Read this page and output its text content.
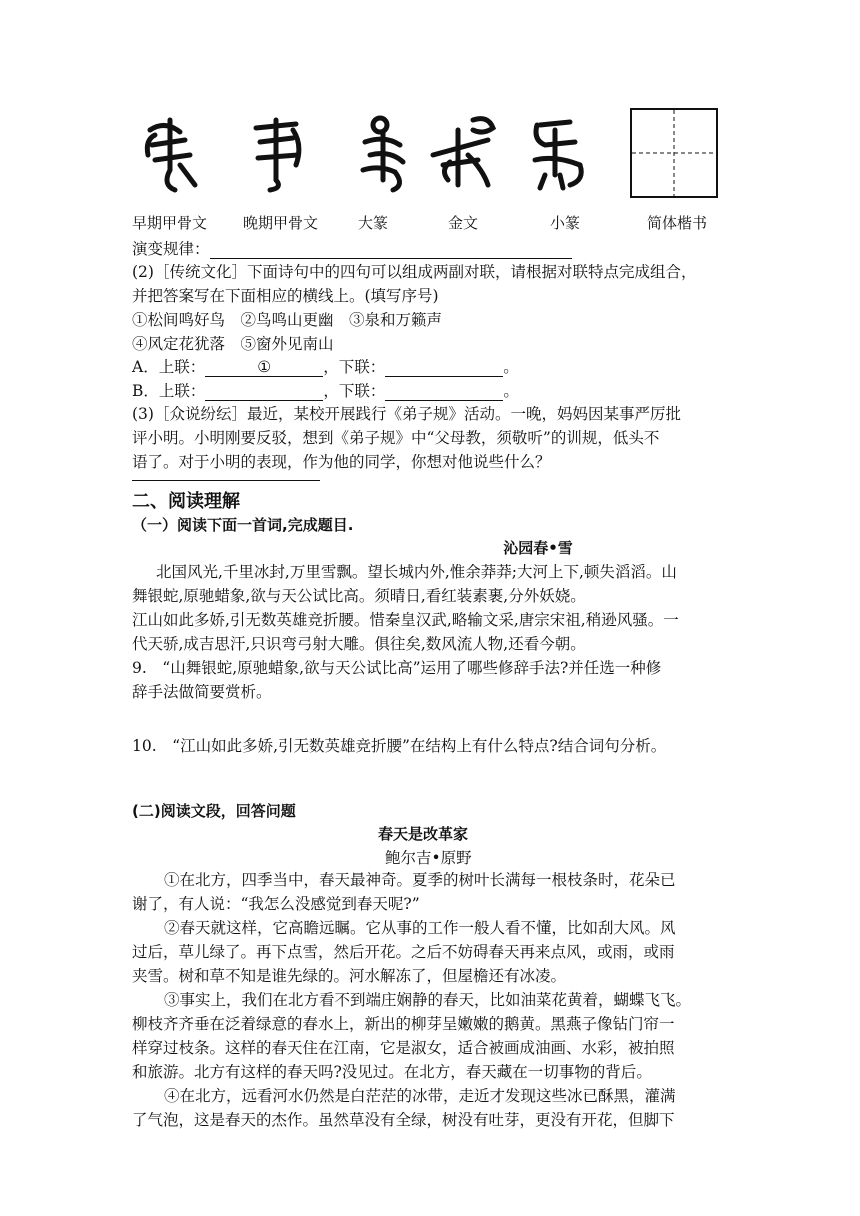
早期甲骨文 晚期甲骨文	大篆	金文	小篆	简体楷书
演变规律：
(2)［传统文化］下面诗句中的四句可以组成两副对联，请根据对联特点完成组合，
并把答案写在下面相应的横线上。(填写序号)
①松间鸣好鸟　②鸟鸣山更幽　③泉和万籁声
④风定花犹落　⑤窗外见南山
A．上联：	①	，下联：	。
B．上联：	，下联：	。
(3)［众说纷纭］最近，某校开展践行《弟子规》活动。一晚，妈妈因某事严厉批
评小明。小明刚要反驳，想到《弟子规》中“父母教，须敬听”的训规，低头不
语了。对于小明的表现，作为他的同学，你想对他说些什么？
二、阅读理解
（一）阅读下面一首词,完成题目.
沁园春•雪
北国风光,千里冰封,万里雪飘。望长城内外,惟余莽莽;大河上下,顿失滔滔。山
舞银蛇,原驰蜡象,欲与天公试比高。须晴日,看红装素裹,分外妖娆。
江山如此多娇,引无数英雄竞折腰。惜秦皇汉武,略输文采,唐宗宋祖,稍逊风骚。一
代天骄,成吉思汗,只识弯弓射大雕。俱往矣,数风流人物,还看今朝。
9.　“山舞银蛇,原驰蜡象,欲与天公试比高”运用了哪些修辞手法?并任选一种修
辞手法做简要赏析。
10.　“江山如此多娇,引无数英雄竞折腰”在结构上有什么特点?结合词句分析。
(二)阅读文段，回答问题
春天是改革家
鲍尔吉•原野
①在北方，四季当中，春天最神奇。夏季的树叶长满每一根枝条时，花朵已
谢了，有人说：“我怎么没感觉到春天呢?”
②春天就这样，它高瞻远瞩。它从事的工作一般人看不懂，比如刮大风。风
过后，草儿绿了。再下点雪，然后开花。之后不妨碍春天再来点风，或雨，或雨
夹雪。树和草不知是谁先绿的。河水解冻了，但屋檐还有冰凌。
③事实上，我们在北方看不到端庄娴静的春天，比如油菜花黄着，蝴蝶飞飞。
柳枝齐齐垂在泛着绿意的春水上，新出的柳芽呈嫩嫩的鹅黄。黑燕子像钻门帘一
样穿过枝条。这样的春天住在江南，它是淑女，适合被画成油画、水彩，被拍照
和旅游。北方有这样的春天吗?没见过。在北方，春天藏在一切事物的背后。
④在北方，远看河水仍然是白茫茫的冰带，走近才发现这些冰已酥黑，灌满
了气泡，这是春天的杰作。虽然草没有全绿，树没有吐芽，更没有开花，但脚下
